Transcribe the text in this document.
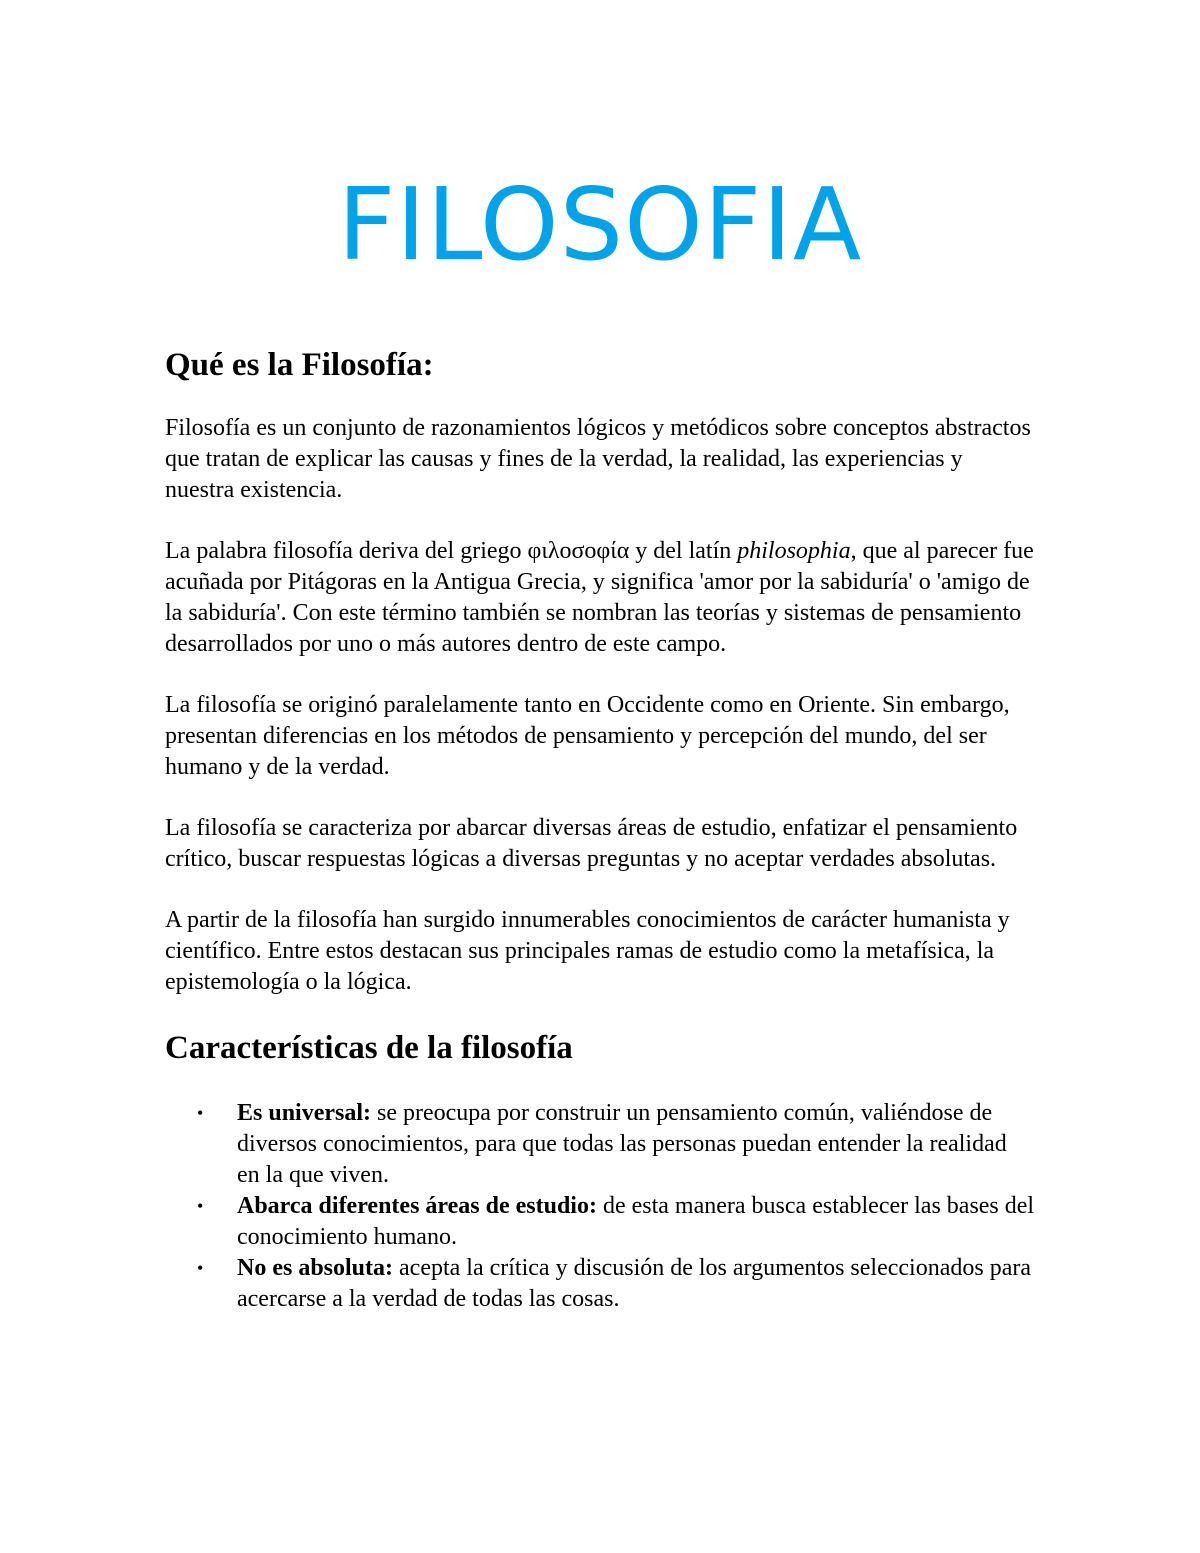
FILOSOFIA
Qué es la Filosofía:

Filosofía es un conjunto de razonamientos lógicos y metódicos sobre conceptos abstractos que tratan de explicar las causas y fines de la verdad, la realidad, las experiencias y nuestra existencia.

La palabra filosofía deriva del griego φιλοσοφία y del latín philosophia, que al parecer fue acuñada por Pitágoras en la Antigua Grecia, y significa 'amor por la sabiduría' o 'amigo de la sabiduría'. Con este término también se nombran las teorías y sistemas de pensamiento desarrollados por uno o más autores dentro de este campo.

La filosofía se originó paralelamente tanto en Occidente como en Oriente. Sin embargo, presentan diferencias en los métodos de pensamiento y percepción del mundo, del ser humano y de la verdad.

La filosofía se caracteriza por abarcar diversas áreas de estudio, enfatizar el pensamiento crítico, buscar respuestas lógicas a diversas preguntas y no aceptar verdades absolutas.

A partir de la filosofía han surgido innumerables conocimientos de carácter humanista y científico. Entre estos destacan sus principales ramas de estudio como la metafísica, la epistemología o la lógica.

Características de la filosofía
• Es universal: se preocupa por construir un pensamiento común, valiéndose de diversos conocimientos, para que todas las personas puedan entender la realidad en la que viven.
• Abarca diferentes áreas de estudio: de esta manera busca establecer las bases del conocimiento humano.
• No es absoluta: acepta la crítica y discusión de los argumentos seleccionados para acercarse a la verdad de todas las cosas.
